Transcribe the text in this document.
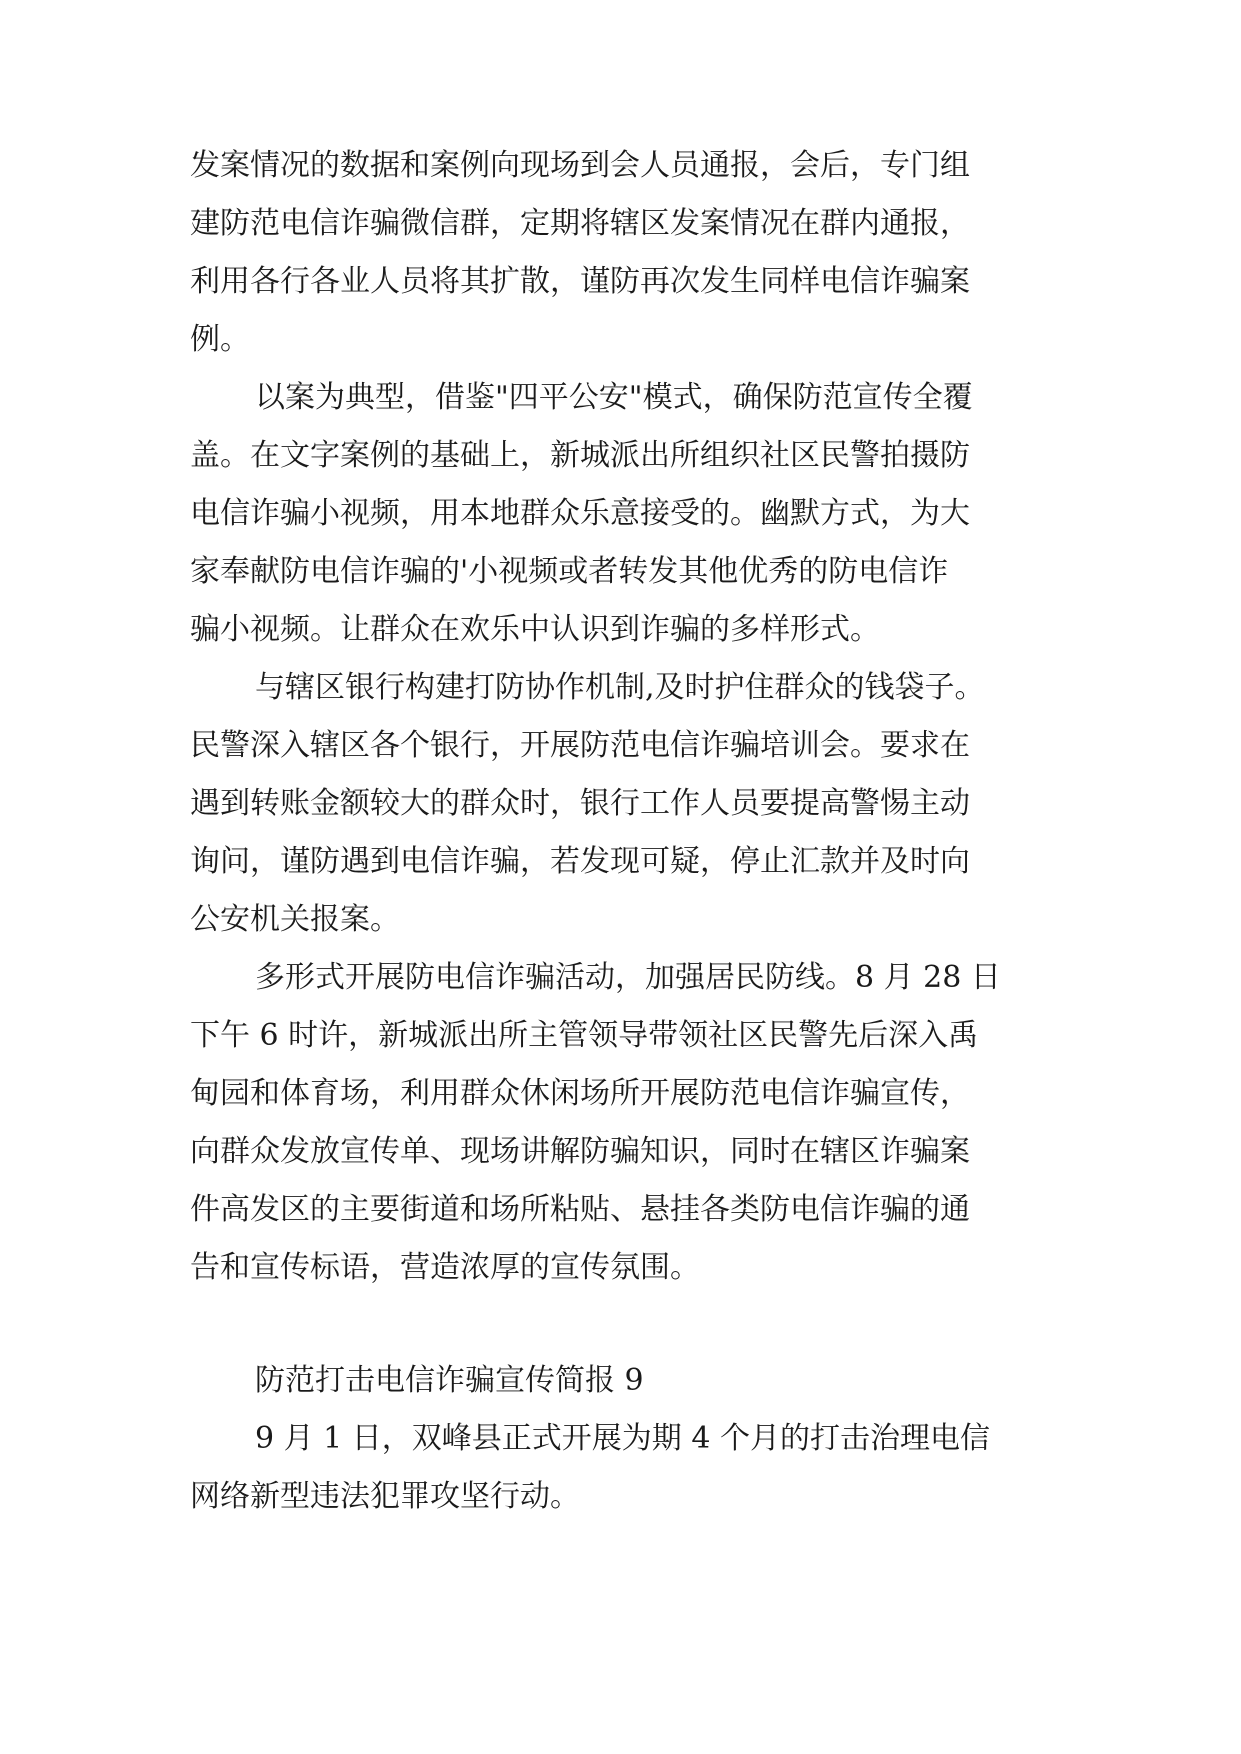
发案情况的数据和案例向现场到会人员通报，会后，专门组
建防范电信诈骗微信群，定期将辖区发案情况在群内通报，
利用各行各业人员将其扩散，谨防再次发生同样电信诈骗案
例。
以案为典型，借鉴"四平公安"模式，确保防范宣传全覆
盖。在文字案例的基础上，新城派出所组织社区民警拍摄防
电信诈骗小视频，用本地群众乐意接受的。幽默方式，为大
家奉献防电信诈骗的'小视频或者转发其他优秀的防电信诈
骗小视频。让群众在欢乐中认识到诈骗的多样形式。
与辖区银行构建打防协作机制,及时护住群众的钱袋子。
民警深入辖区各个银行，开展防范电信诈骗培训会。要求在
遇到转账金额较大的群众时，银行工作人员要提高警惕主动
询问，谨防遇到电信诈骗，若发现可疑，停止汇款并及时向
公安机关报案。
多形式开展防电信诈骗活动，加强居民防线。8 月 28 日
下午 6 时许，新城派出所主管领导带领社区民警先后深入禹
甸园和体育场，利用群众休闲场所开展防范电信诈骗宣传，
向群众发放宣传单、现场讲解防骗知识，同时在辖区诈骗案
件高发区的主要街道和场所粘贴、悬挂各类防电信诈骗的通
告和宣传标语，营造浓厚的宣传氛围。
防范打击电信诈骗宣传简报 9
9 月 1 日，双峰县正式开展为期 4 个月的打击治理电信
网络新型违法犯罪攻坚行动。
